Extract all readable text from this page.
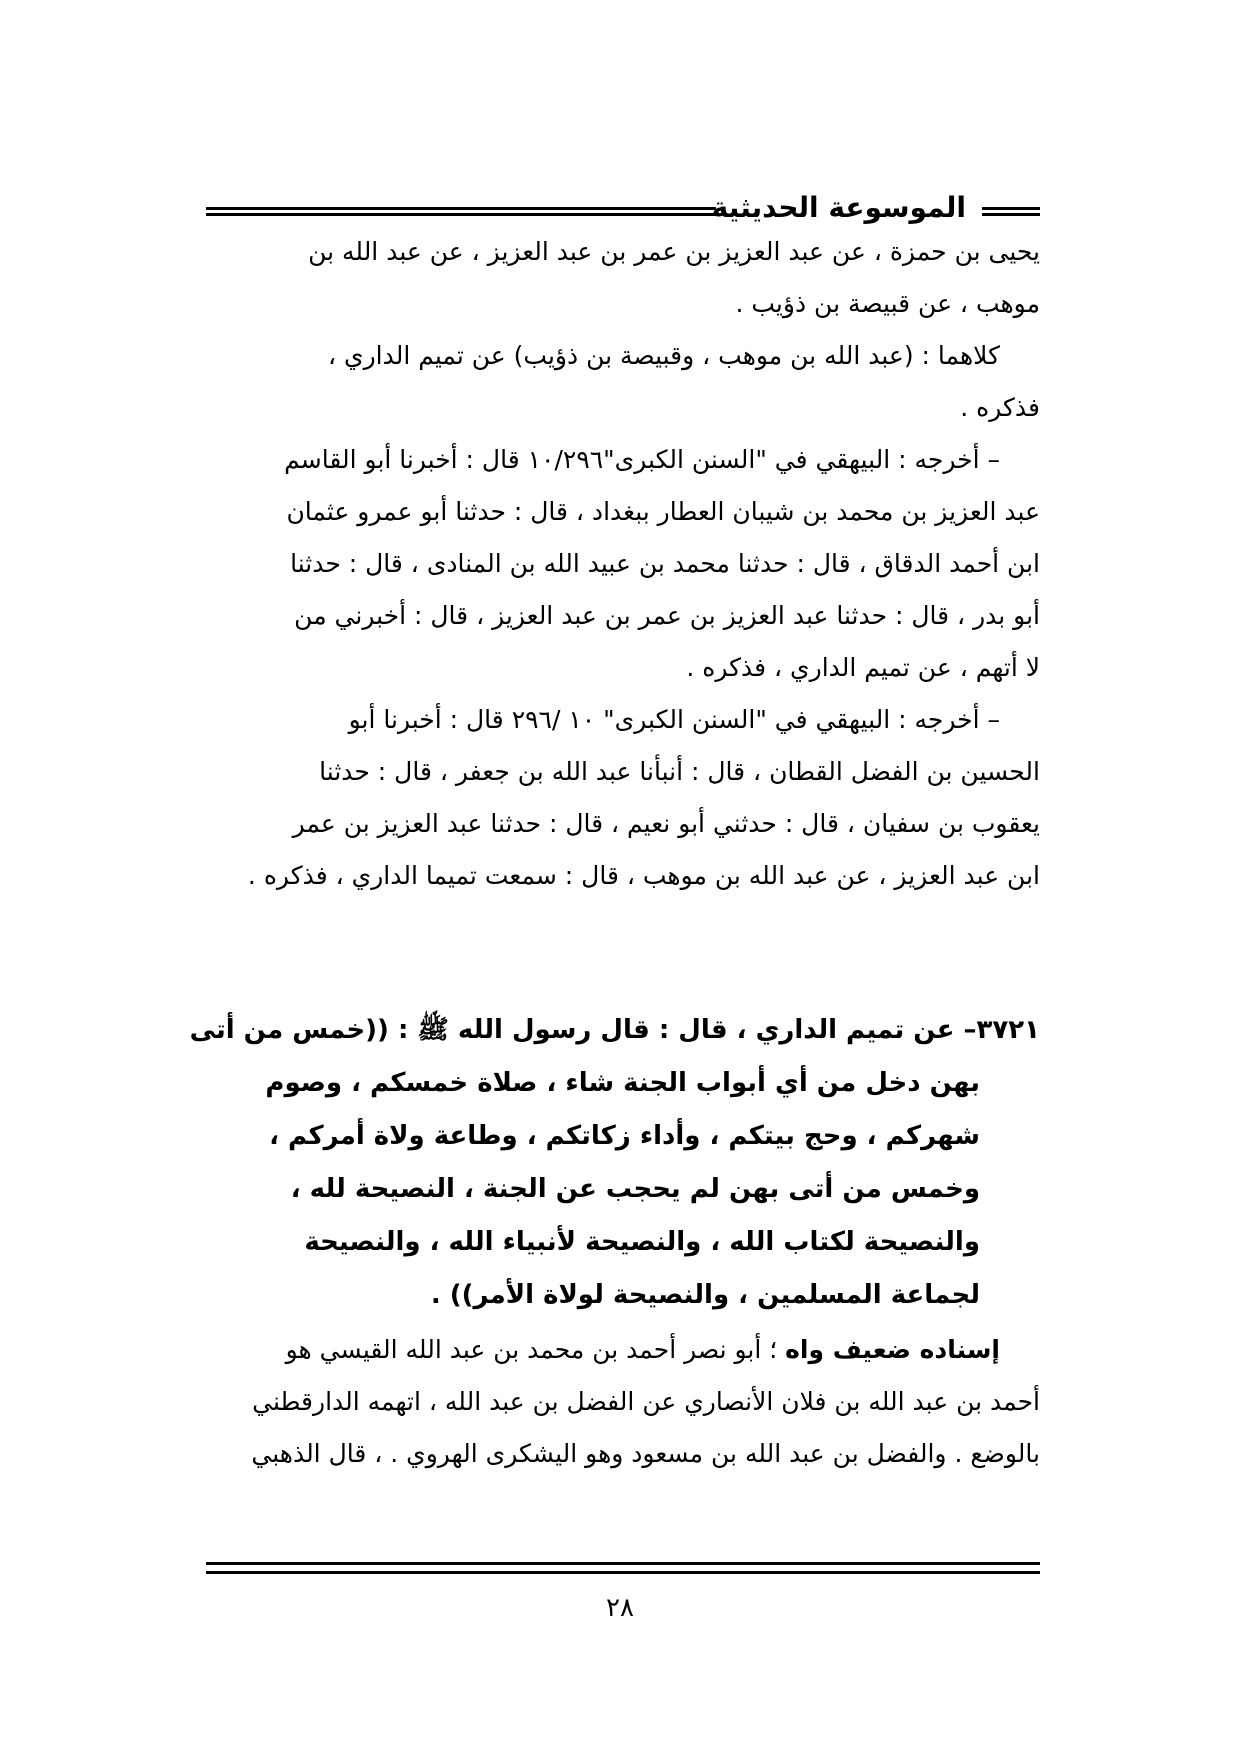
الموسوعة الحديثية
يحيى بن حمزة ، عن عبد العزيز بن عمر بن عبد العزيز ، عن عبد الله بن
موهب ، عن قبيصة بن ذؤيب .
كلاهما : (عبد الله بن موهب ، وقبيصة بن ذؤيب) عن تميم الداري ،
فذكره .
– أخرجه : البيهقي في "السنن الكبرى"١٠/٢٩٦ قال : أخبرنا أبو القاسم
عبد العزيز بن محمد بن شيبان العطار ببغداد ، قال : حدثنا أبو عمرو عثمان
ابن أحمد الدقاق ، قال : حدثنا محمد بن عبيد الله بن المنادى ، قال : حدثنا
أبو بدر ، قال : حدثنا عبد العزيز بن عمر بن عبد العزيز ، قال : أخبرني من
لا أتهم ، عن تميم الداري ، فذكره .
– أخرجه : البيهقي في "السنن الكبرى" ١٠ /٢٩٦ قال : أخبرنا أبو
الحسين بن الفضل القطان ، قال : أنبأنا عبد الله بن جعفر ، قال : حدثنا
يعقوب بن سفيان ، قال : حدثني أبو نعيم ، قال : حدثنا عبد العزيز بن عمر
ابن عبد العزيز ، عن عبد الله بن موهب ، قال : سمعت تميما الداري ، فذكره .
٣٧٢١– عن تميم الداري ، قال : قال رسول الله ﷺ : ((خمس من أتى
بهن دخل من أي أبواب الجنة شاء ، صلاة خمسكم ، وصوم
شهركم ، وحج بيتكم ، وأداء زكاتكم ، وطاعة ولاة أمركم ،
وخمس من أتى بهن لم يحجب عن الجنة ، النصيحة لله ،
والنصيحة لكتاب الله ، والنصيحة لأنبياء الله ، والنصيحة
لجماعة المسلمين ، والنصيحة لولاة الأمر)) .
إسناده ضعيف واه ؛ أبو نصر أحمد بن محمد بن عبد الله القيسي هو
أحمد بن عبد الله بن فلان الأنصاري عن الفضل بن عبد الله ، اتهمه الدارقطني
بالوضع . والفضل بن عبد الله بن مسعود وهو اليشكرى الهروي . ، قال الذهبي
٢٨
